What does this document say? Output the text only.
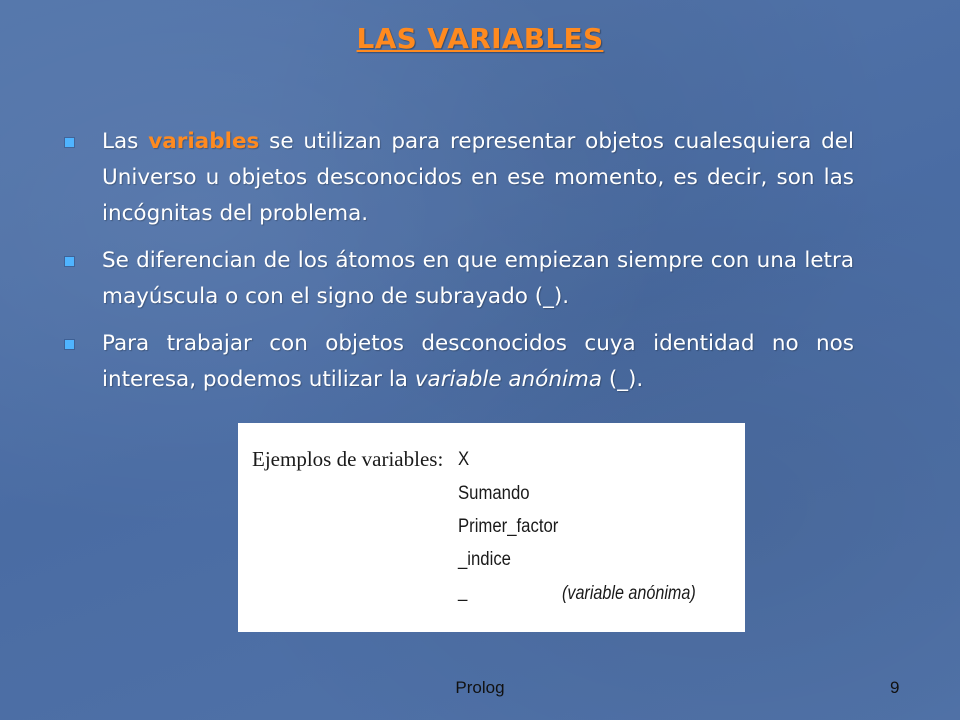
LAS VARIABLES
Las variables se utilizan para representar objetos cualesquiera del Universo u objetos desconocidos en ese momento, es decir, son las incógnitas del problema.
Se diferencian de los átomos en que empiezan siempre con una letra mayúscula o con el signo de subrayado (_).
Para trabajar con objetos desconocidos cuya identidad no nos interesa, podemos utilizar la variable anónima (_).
Ejemplos de variables: X
Sumando
Primer_factor
_indice
_	(variable anónima)
Prolog	9
